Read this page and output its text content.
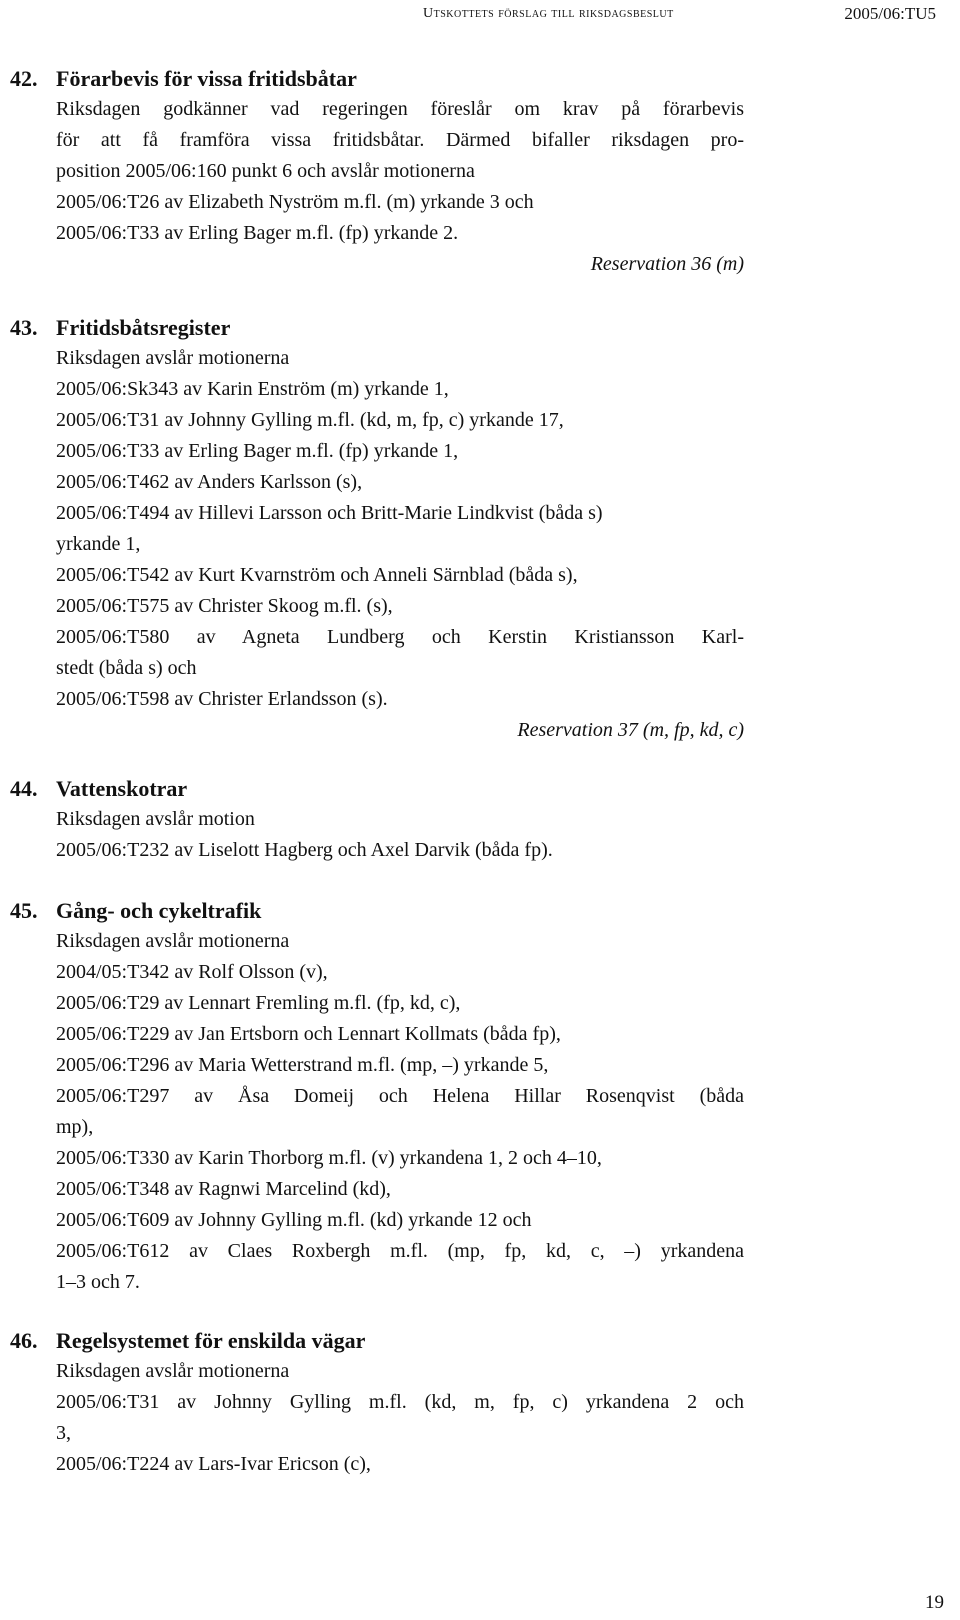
Utskottets förslag till riksdagsbeslut	2005/06:TU5
42. Förarbevis för vissa fritidsbåtar
Riksdagen godkänner vad regeringen föreslår om krav på förarbevis
för att få framföra vissa fritidsbåtar. Därmed bifaller riksdagen pro-
position 2005/06:160 punkt 6 och avslår motionerna
2005/06:T26 av Elizabeth Nyström m.fl. (m) yrkande 3 och
2005/06:T33 av Erling Bager m.fl. (fp) yrkande 2.
Reservation 36 (m)
43. Fritidsbåtsregister
Riksdagen avslår motionerna
2005/06:Sk343 av Karin Enström (m) yrkande 1,
2005/06:T31 av Johnny Gylling m.fl. (kd, m, fp, c) yrkande 17,
2005/06:T33 av Erling Bager m.fl. (fp) yrkande 1,
2005/06:T462 av Anders Karlsson (s),
2005/06:T494 av Hillevi Larsson och Britt-Marie Lindkvist (båda s)
yrkande 1,
2005/06:T542 av Kurt Kvarnström och Anneli Särnblad (båda s),
2005/06:T575 av Christer Skoog m.fl. (s),
2005/06:T580 av Agneta Lundberg och Kerstin Kristiansson Karl-
stedt (båda s) och
2005/06:T598 av Christer Erlandsson (s).
Reservation 37 (m, fp, kd, c)
44. Vattenskotrar
Riksdagen avslår motion
2005/06:T232 av Liselott Hagberg och Axel Darvik (båda fp).
45. Gång- och cykeltrafik
Riksdagen avslår motionerna
2004/05:T342 av Rolf Olsson (v),
2005/06:T29 av Lennart Fremling m.fl. (fp, kd, c),
2005/06:T229 av Jan Ertsborn och Lennart Kollmats (båda fp),
2005/06:T296 av Maria Wetterstrand m.fl. (mp, –) yrkande 5,
2005/06:T297 av Åsa Domeij och Helena Hillar Rosenqvist (båda
mp),
2005/06:T330 av Karin Thorborg m.fl. (v) yrkandena 1, 2 och 4–10,
2005/06:T348 av Ragnwi Marcelind (kd),
2005/06:T609 av Johnny Gylling m.fl. (kd) yrkande 12 och
2005/06:T612 av Claes Roxbergh m.fl. (mp, fp, kd, c, –) yrkandena
1–3 och 7.
46. Regelsystemet för enskilda vägar
Riksdagen avslår motionerna
2005/06:T31 av Johnny Gylling m.fl. (kd, m, fp, c) yrkandena 2 och
3,
2005/06:T224 av Lars-Ivar Ericson (c),
19
